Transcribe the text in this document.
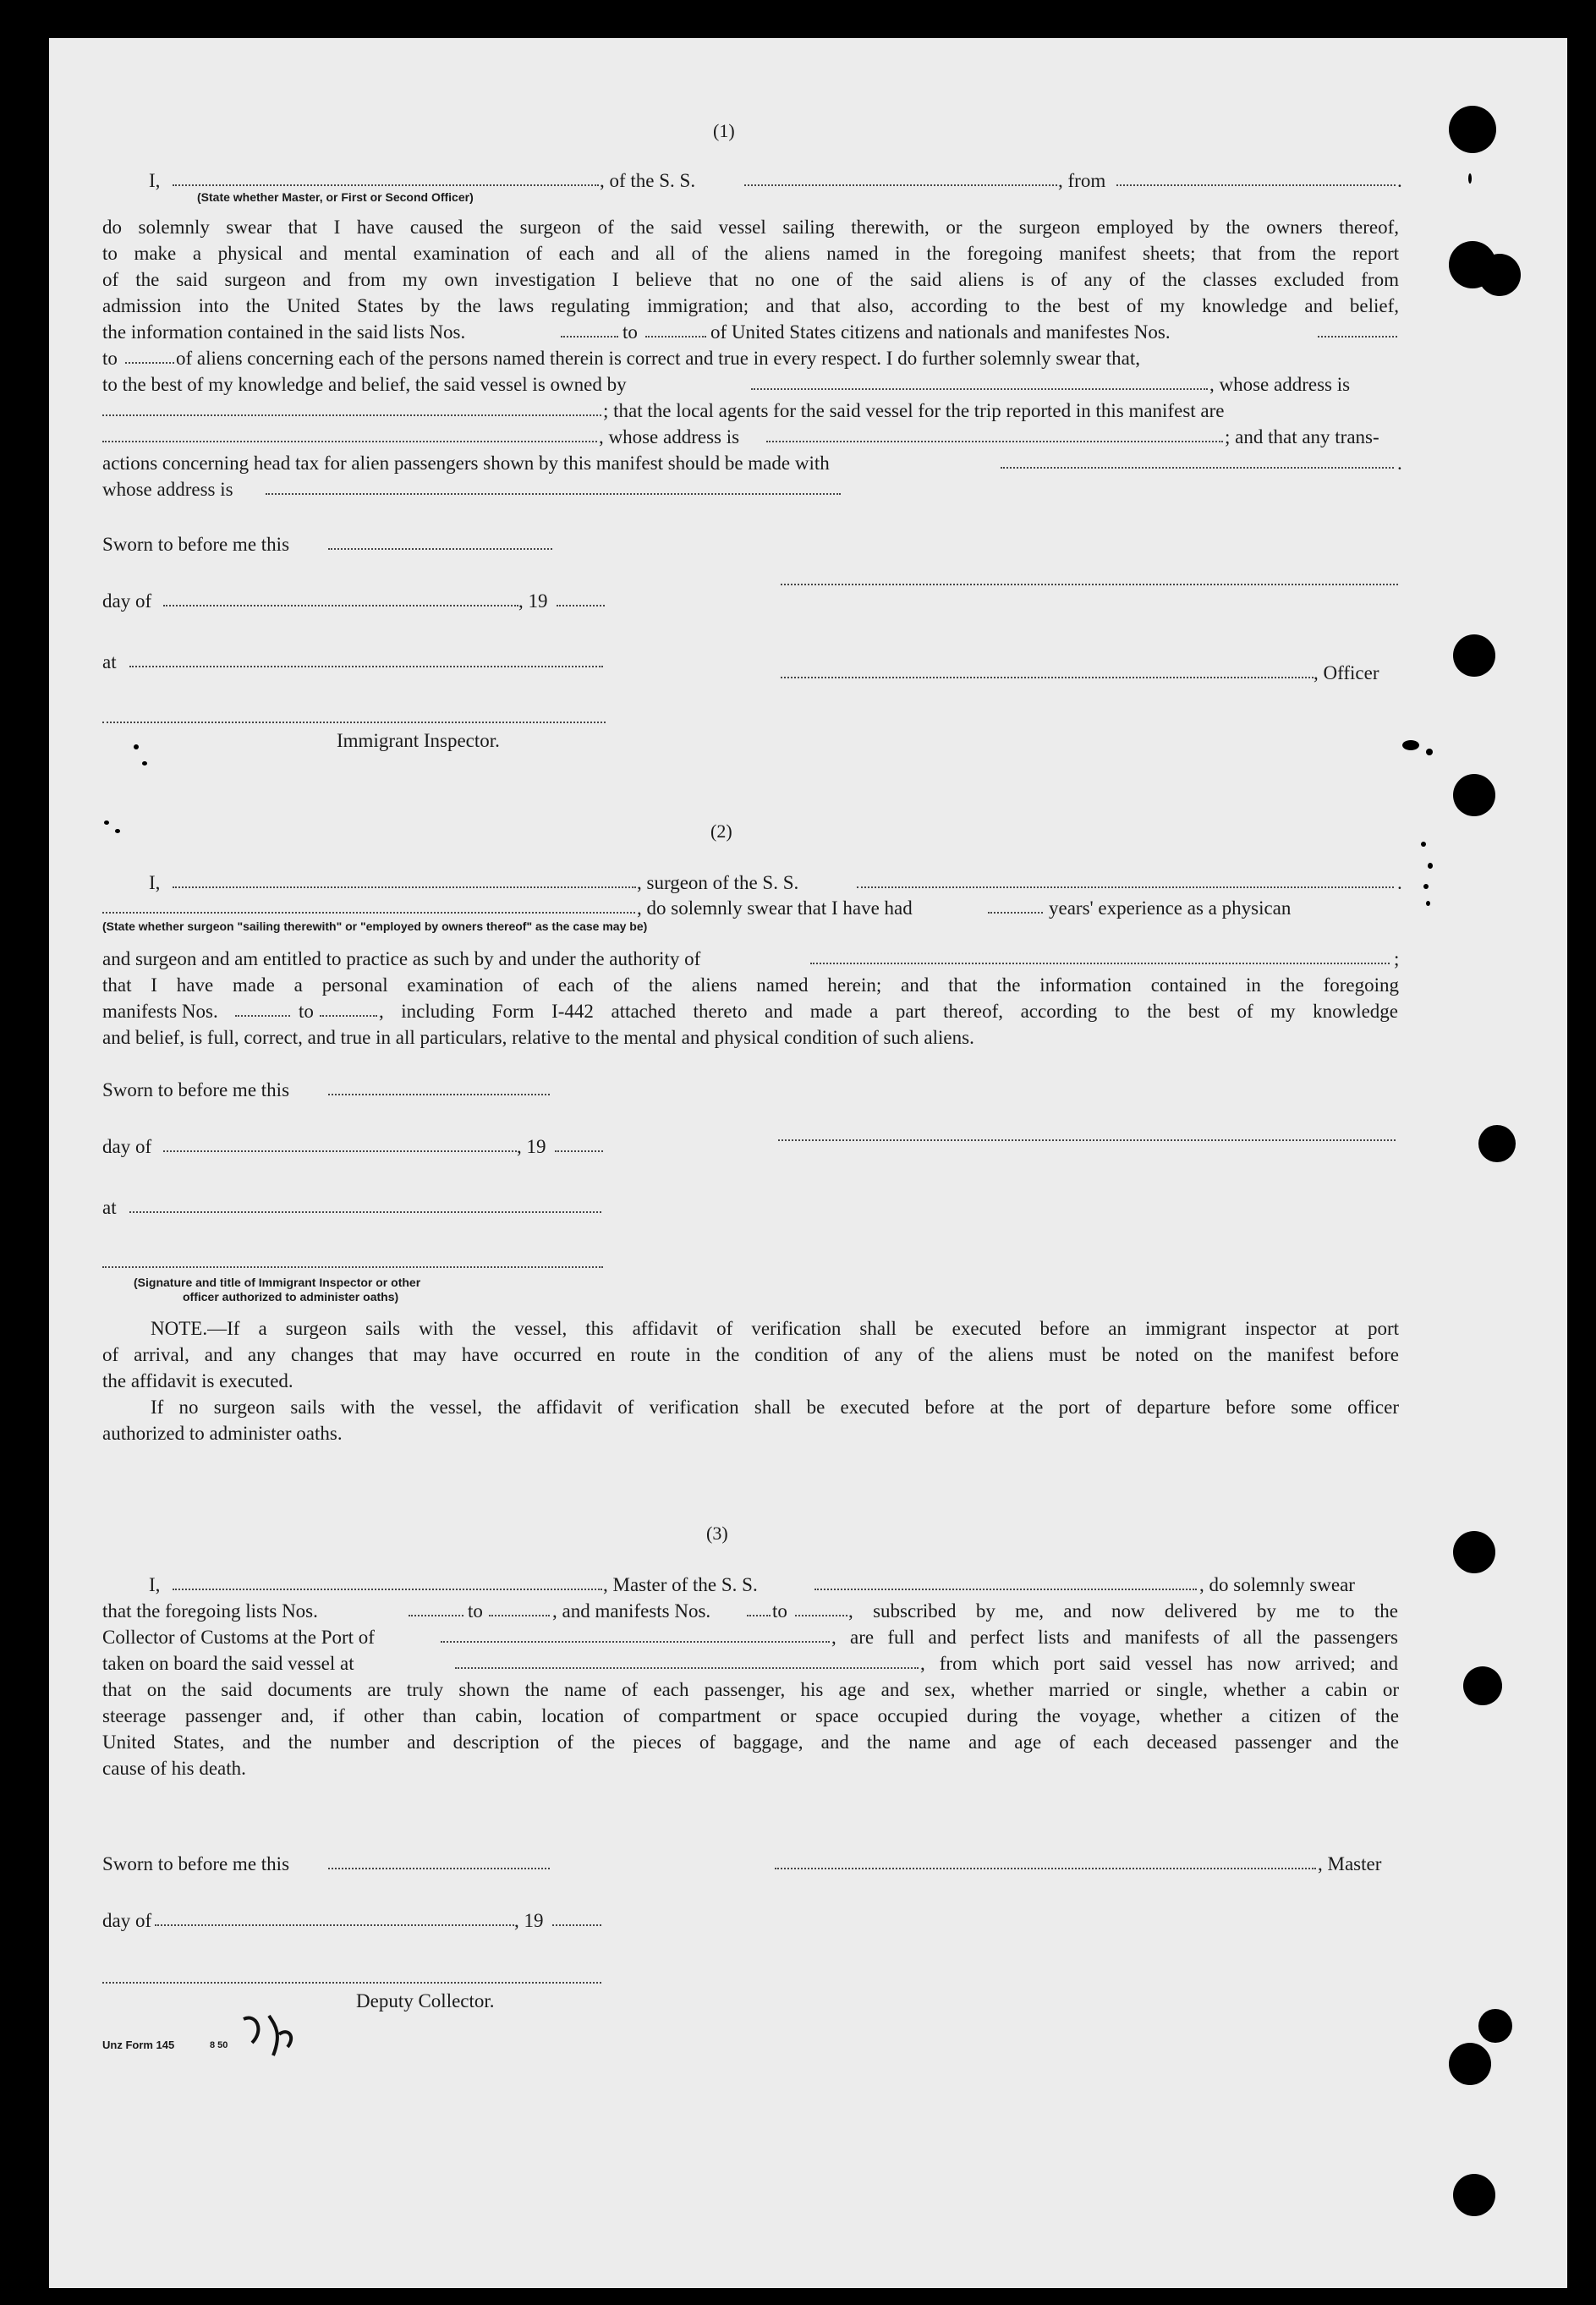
(1)
I,	, of the S. S.	, from	.
(State whether Master, or First or Second Officer)
do solemnly swear that I have caused the surgeon of the said vessel sailing therewith, or the surgeon employed by the owners thereof,
to make a physical and mental examination of each and all of the aliens named in the foregoing manifest sheets; that from the report
of the said surgeon and from my own investigation I believe that no one of the said aliens is of any of the classes excluded from
admission into the United States by the laws regulating immigration; and that also, according to the best of my knowledge and belief,
the information contained in the said lists Nos.	to	of United States citizens and nationals and manifestes Nos.
to	of aliens concerning each of the persons named therein is correct and true in every respect. I do further solemnly swear that,
to the best of my knowledge and belief, the said vessel is owned by	, whose address is
; that the local agents for the said vessel for the trip reported in this manifest are
, whose address is	; and that any trans-
actions concerning head tax for alien passengers shown by this manifest should be made with	.
whose address is
Sworn to before me this
day of	, 19
at
, Officer
Immigrant Inspector.
(2)
I,	, surgeon of the S. S.	.
, do solemnly swear that I have had	years' experience as a physican
(State whether surgeon "sailing therewith" or "employed by owners thereof" as the case may be)
and surgeon and am entitled to practice as such by and under the authority of	;
that I have made a personal examination of each of the aliens named herein; and that the information contained in the foregoing
manifests Nos.	to	, including Form I-442 attached thereto and made a part thereof, according to the best of my knowledge
and belief, is full, correct, and true in all particulars, relative to the mental and physical condition of such aliens.
Sworn to before me this
day of	, 19
at
(Signature and title of Immigrant Inspector or other
officer authorized to administer oaths)
NOTE.—If a surgeon sails with the vessel, this affidavit of verification shall be executed before an immigrant inspector at port
of arrival, and any changes that may have occurred en route in the condition of any of the aliens must be noted on the manifest before
the affidavit is executed.
If no surgeon sails with the vessel, the affidavit of verification shall be executed before at the port of departure before some officer
authorized to administer oaths.
(3)
I,	, Master of the S. S.	, do solemnly swear
that the foregoing lists Nos.	to	, and manifests Nos.	to	, subscribed by me, and now delivered by me to the
Collector of Customs at the Port of	, are full and perfect lists and manifests of all the passengers
taken on board the said vessel at	, from which port said vessel has now arrived; and
that on the said documents are truly shown the name of each passenger, his age and sex, whether married or single, whether a cabin or
steerage passenger and, if other than cabin, location of compartment or space occupied during the voyage, whether a citizen of the
United States, and the number and description of the pieces of baggage, and the name and age of each deceased passenger and the
cause of his death.
Sworn to before me this	, Master
day of	, 19
Deputy Collector.
Unz Form 145	8 50
